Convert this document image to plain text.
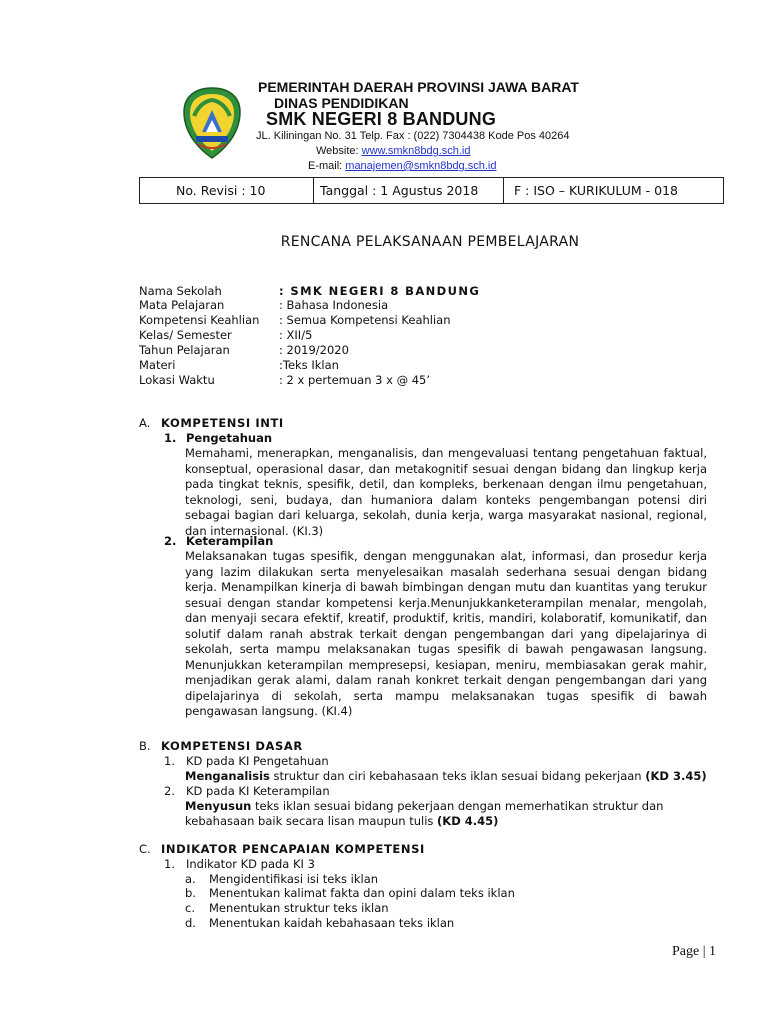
PEMERINTAH DAERAH PROVINSI JAWA BARAT
DINAS PENDIDIKAN
SMK NEGERI 8 BANDUNG
JL. Kiliningan No. 31 Telp. Fax : (022) 7304438 Kode Pos 40264
Website: www.smkn8bdg.sch.id
E-mail: manajemen@smkn8bdg.sch.id
No. Revisi : 10	Tanggal : 1 Agustus 2018	F : ISO – KURIKULUM - 018
RENCANA PELAKSANAAN PEMBELAJARAN
Nama Sekolah	: SMK NEGERI 8 BANDUNG
Mata Pelajaran	: Bahasa Indonesia
Kompetensi Keahlian : Semua Kompetensi Keahlian
Kelas/ Semester	: XII/5
Tahun Pelajaran	: 2019/2020
Materi	:Teks Iklan
Lokasi Waktu	: 2 x pertemuan 3 x @ 45’
A. KOMPETENSI INTI
1. Pengetahuan
Memahami, menerapkan, menganalisis, dan mengevaluasi tentang pengetahuan faktual, konseptual, operasional dasar, dan metakognitif sesuai dengan bidang dan lingkup kerja pada tingkat teknis, spesifik, detil, dan kompleks, berkenaan dengan ilmu pengetahuan, teknologi, seni, budaya, dan humaniora dalam konteks pengembangan potensi diri sebagai bagian dari keluarga, sekolah, dunia kerja, warga masyarakat nasional, regional, dan internasional. (KI.3)
2. Keterampilan
Melaksanakan tugas spesifik, dengan menggunakan alat, informasi, dan prosedur kerja yang lazim dilakukan serta menyelesaikan masalah sederhana sesuai dengan bidang kerja. Menampilkan kinerja di bawah bimbingan dengan mutu dan kuantitas yang terukur sesuai dengan standar kompetensi kerja.Menunjukkanketerampilan menalar, mengolah, dan menyaji secara efektif, kreatif, produktif, kritis, mandiri, kolaboratif, komunikatif, dan solutif dalam ranah abstrak terkait dengan pengembangan dari yang dipelajarinya di sekolah, serta mampu melaksanakan tugas spesifik di bawah pengawasan langsung. Menunjukkan keterampilan mempresepsi, kesiapan, meniru, membiasakan gerak mahir, menjadikan gerak alami, dalam ranah konkret terkait dengan pengembangan dari yang dipelajarinya di sekolah, serta mampu melaksanakan tugas spesifik di bawah pengawasan langsung. (KI.4)
B. KOMPETENSI DASAR
1. KD pada KI Pengetahuan
Menganalisis struktur dan ciri kebahasaan teks iklan sesuai bidang pekerjaan (KD 3.45)
2. KD pada KI Keterampilan
Menyusun teks iklan sesuai bidang pekerjaan dengan memerhatikan struktur dan
kebahasaan baik secara lisan maupun tulis (KD 4.45)
C. INDIKATOR PENCAPAIAN KOMPETENSI
1. Indikator KD pada KI 3
a. Mengidentifikasi isi teks iklan
b. Menentukan kalimat fakta dan opini dalam teks iklan
c. Menentukan struktur teks iklan
d. Menentukan kaidah kebahasaan teks iklan
Page | 1
